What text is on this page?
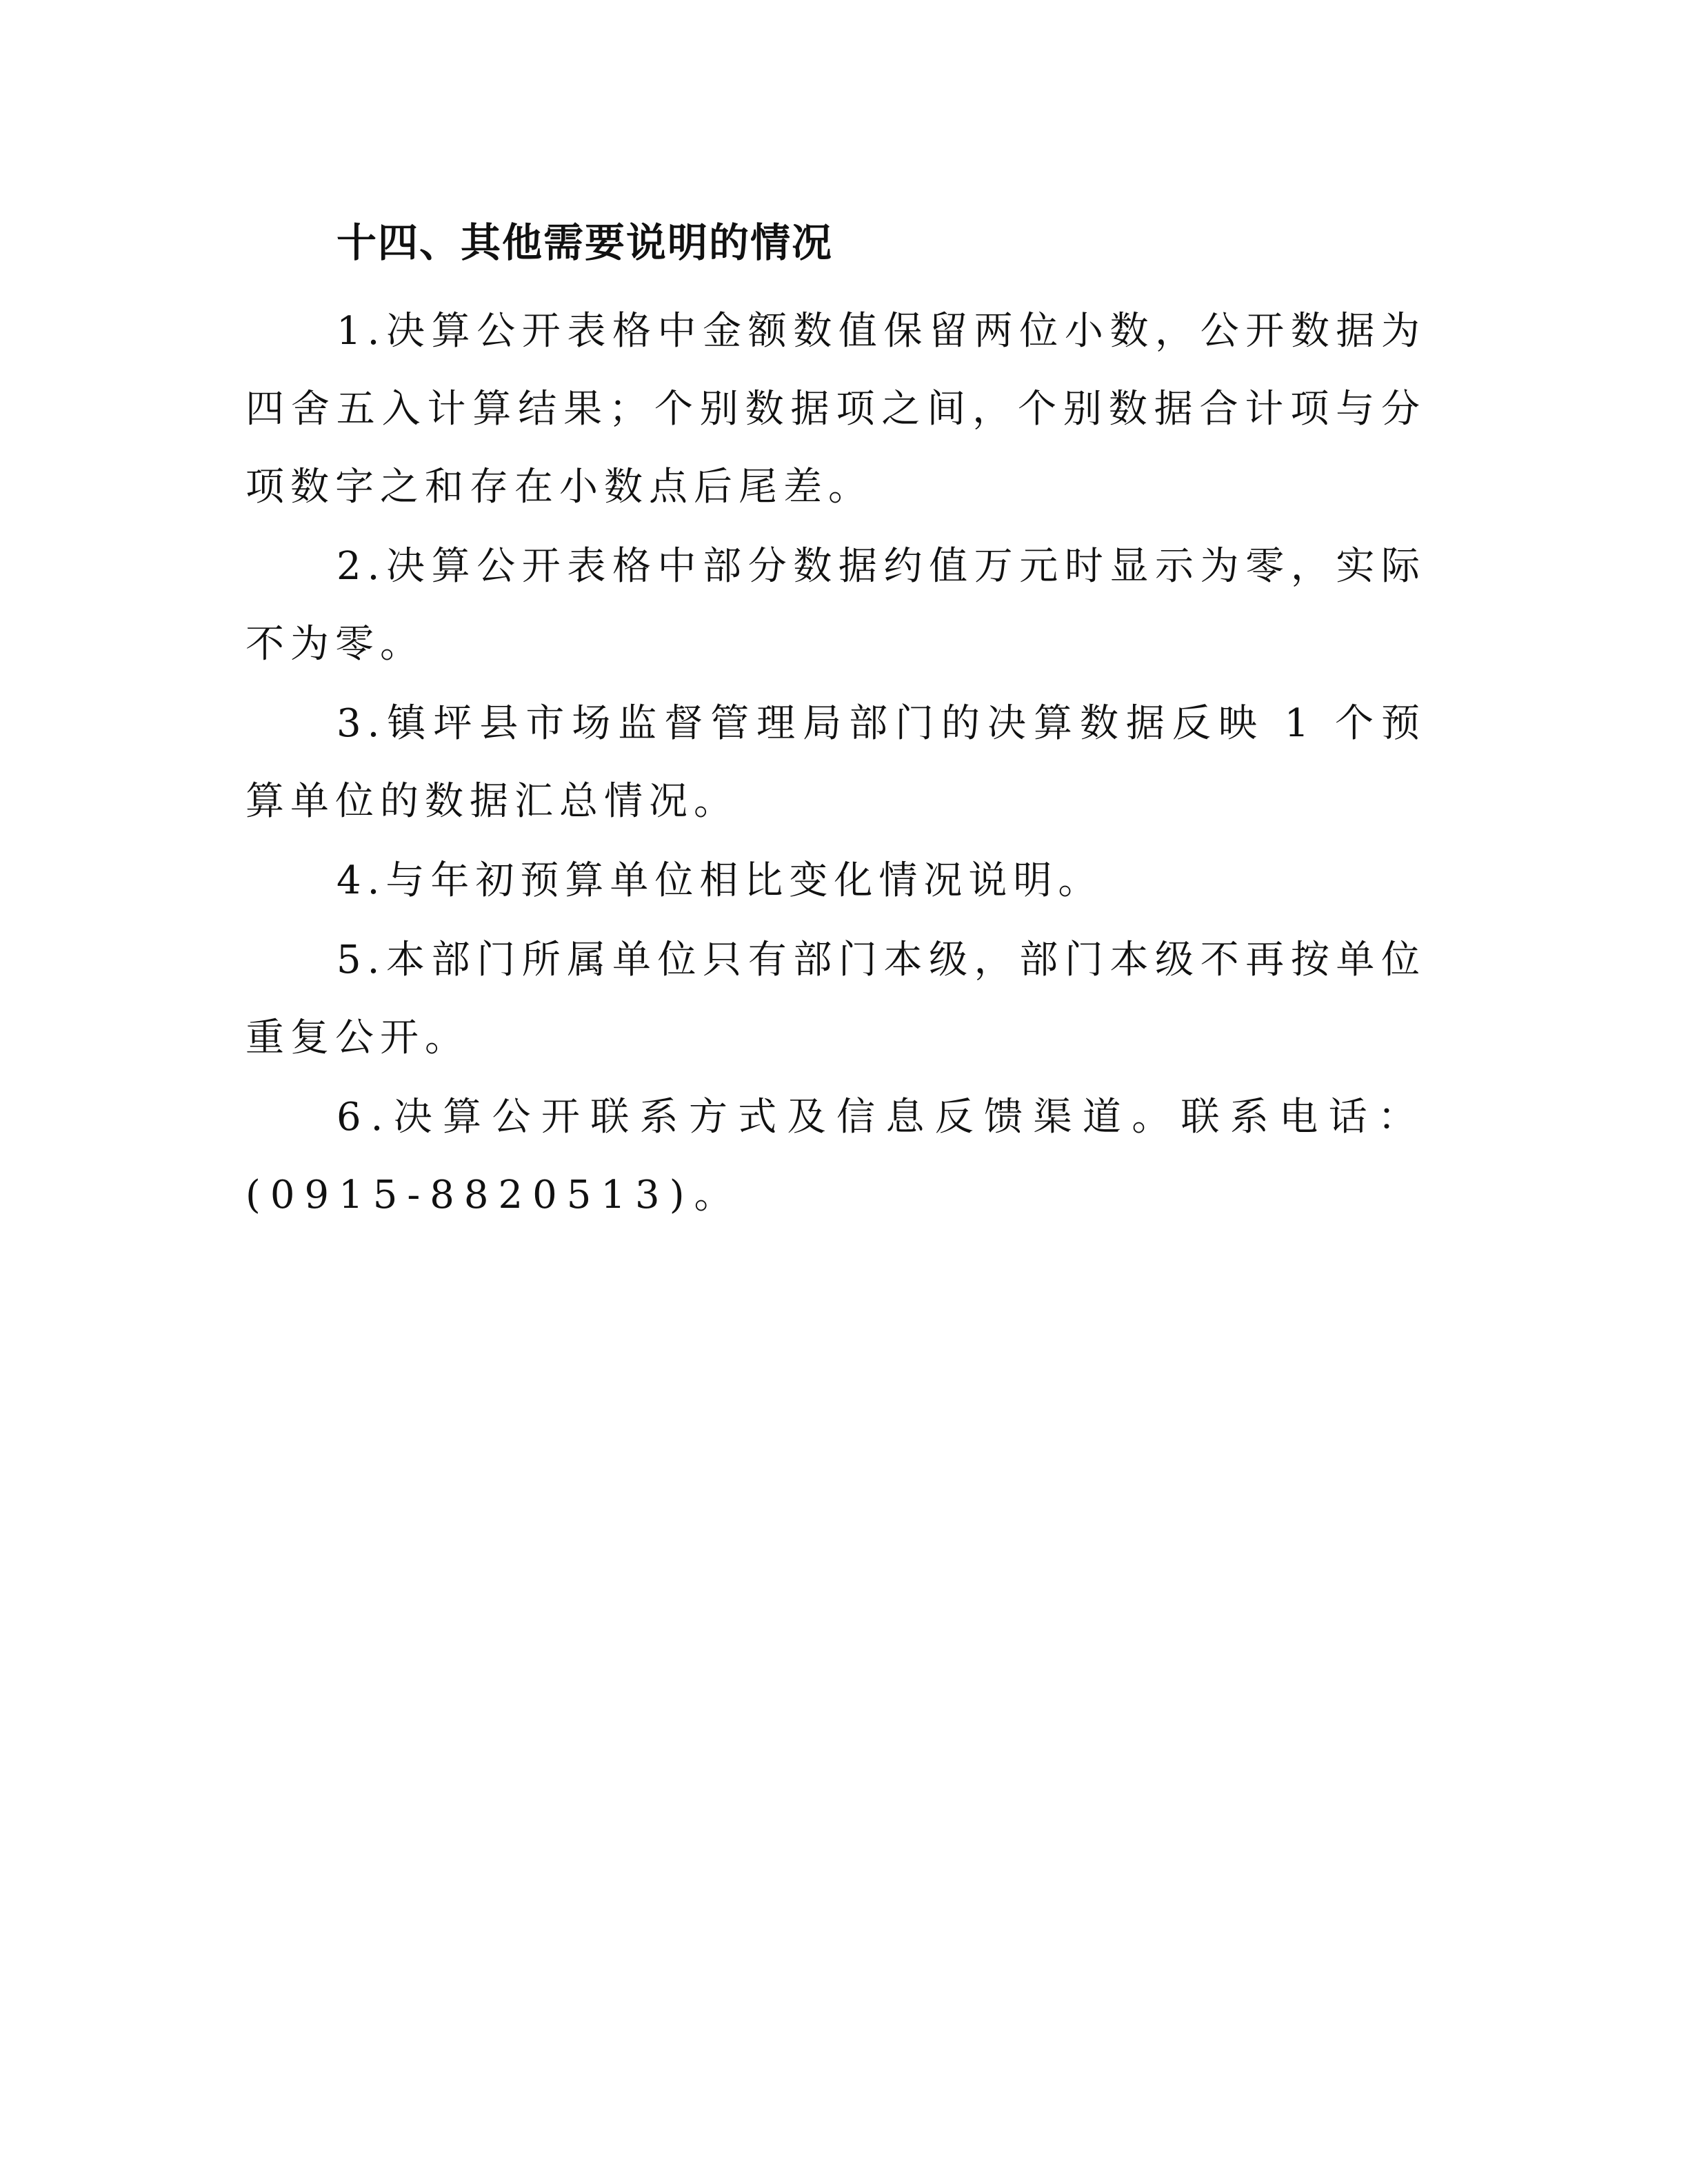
十四、其他需要说明的情况

1.决算公开表格中金额数值保留两位小数，公开数据为四舍五入计算结果；个别数据项之间，个别数据合计项与分项数字之和存在小数点后尾差。

2.决算公开表格中部分数据约值万元时显示为零，实际不为零。

3.镇坪县市场监督管理局部门的决算数据反映 1 个预算单位的数据汇总情况。

4.与年初预算单位相比变化情况说明。

5.本部门所属单位只有部门本级，部门本级不再按单位重复公开。

6.决算公开联系方式及信息反馈渠道。联系电话：(0915-8820513)。
